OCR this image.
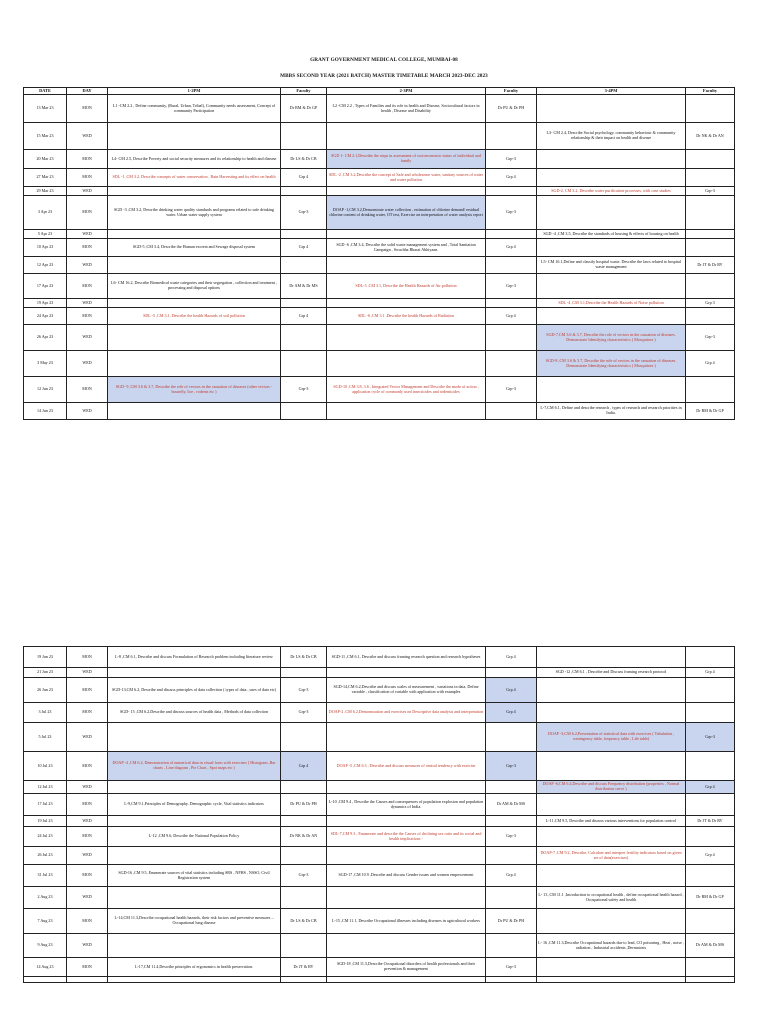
GRANT GOVERNMENT MEDICAL COLLEGE, MUMBAI-08
MBBS SECOND YEAR (2021 BATCH) MASTER TIMETABLE MARCH 2023-DEC 2023
DATE	DAY	1-2PM	Faculty	2-3PM	Faculty	3-4PM	Faculty
13 Mar 23	MON	L1 -CM 2.2 , Define community, (Rural, Urban, Tribal), Community needs assessment, Concept of community Participation	Dr RM & Dr GP	L2 -CM 2.2 , Types of Families and its role in health and Disease, Sociocultural factors in health , Disease and Disability	Dr PU & Dr PH		
15 Mar 23	WED					L3- CM 2.4, Describe Social psychology, community behaviour & community relationship & their impact on health and disease	Dr NK & Dr AN
20 Mar 23	MON	L4- CM 2.5, Describe Poverty and social security measures and its relationship to health and disease	Dr LS & Dr CB	SGD 1- CM 2.1,Describe the steps in assessment of socioeconomic status of individual and family	Grp-3		
27 Mar 23	MON	SDL -1 ,CM 3.2, Describe concepts of water conservation , Rain Harvesting and its effect on health	Grp 4	SDL -2 ,CM 3.2,Describe the concept of Safe and wholesome water, sanitary sources of water and water pollution	Grp 4		
29 Mar 23	WED					SGD-2, CM 3.2, Describe water purification processes, with case studies	Grp-3
3 Apr 23	MON	SGD -3 ,CM 3.2, Describe drinking water quality standards and programs related to safe drinking water. Urban water supply system	Grp-3	DOAP -1,CM 3.2,Demonstrate water collection , estimation of chlorine demand/ residual chlorine content of drinking water, OT test, Exercise on interpretation of water analysis report	Grp-3		
5 Apr 23	WED					SGD -4 ,CM 3.5, Describe the standards of housing & effects of housing on health	
10 Apr 23	MON	SGD-5 ,CM 3.4, Describe the Human excreta and Sewage disposal system	Grp 4	SGD -6 ,CM 3.4, Describe the solid waste management system and , Total Sanitation Campaign , Swachha Bharat Abhiyaan.	Grp 4		
12 Apr 23	WED					L5- CM 16.1,Define and classify hospital waste. Describe the laws related to hospital waste management	Dr JT & Dr RV
17 Apr 23	MON	L6- CM 16.2, Describe Biomedical waste categories and their segregation , collection and treatment , processing and disposal options	Dr AM & Dr MS	SDL-3 ,CM 3.1, Describe the Health Hazards of Air pollution	Grp-3		
19 Apr 23	WED					SDL -4 ,CM 3.1,Describe the Health Hazards of Noise pollution	Grp 3
24 Apr 23	MON	SDL -5 ,CM 3.1, Describe the health Hazards of soil pollution	Grp 4	SDL -6 ,CM 3.1 ,Describe the health Hazards of Radiation	Grp 4		
26 Apr 23	WED					SGD-7,CM 3.6 & 3.7, Describe the role of vectors in the causation of diseases. Demonstrate Identifying characteristics ( Mosquitoes )	Grp-3
3 May 23	WED					SGD-8 ,CM 3.6 & 3.7, Describe the role of vectors in the causation of diseases. Demonstrate Identifying characteristics ( Mosquitoes )	Grp 4
12 Jun 23	MON	SGD- 9 ,CM 3.6 & 3.7, Describe the role of vectors in the causation of diseases (other vectors - housefly, lice , rodents etc )	Grp-3	SGD-10 ,CM 3.8, 3.6 , Integrated Vector Management and Describe the mode of action , application cycle of commonly used insecticides and rodenticides	Grp-3		
14 Jun 23	WED					L-7,CM 6.1, Define and describe research , types of research and research priorities in India.	Dr RM & Dr GP
19 Jun 23	MON	L-8 ,CM 6.1, Describe and discuss Formulation of Research problem including literature review	Dr LS & Dr CB	SGD-11 ,CM 6.1, Describe and discuss framing research question and research hypotheses	Grp 4		
21 Jun 23	WED					SGD -12 ,CM 6.1 , Describe and Discuss framing research protocol	Grp 4
26 Jun 23	MON	SGD-13,CM 6.2, Describe and discuss principles of data collection ( types of data , uses of data etc)	Grp-3	SGD-14,CM 6.2,Describe and discuss scales of measurement , variations in data, Define variable , classification of variable with application with examples	Grp 4		
3 Jul 23	MON	SGD- 15 ,CM 6.2,Describe and discuss sources of health data , Methods of data collection	Grp-3	DOAP-2 ,CM 6.2,Demonstration and exercises on Descriptive data analysis and interpretation	Grp 4		
5 Jul 23	WED					DOAP -3,CM 6.2,Presentation of statistical data with exercises ( Tabulation , contingency table, frequency table , Life table)	Grp-3
10 Jul 23	MON	DOAP -4 ,CM 6.2, Demonstration of numerical data in visual form with exercises ( Histogram ,Bar charts , Line diagram , Pie Chart , Spot maps etc )	Grp 4	DOAP -5 ,CM 6.3 , Describe and discuss measures of central tendency with exercise	Grp-3		
12 Jul 23	WED					DOAP -6,CM 6.4,Describe and discuss Frequency distribution (properties , Normal distribution curve )	Grp 4
17 Jul 23	MON	L-9,CM 9.1,Principles of Demography, Demographic cycle, Vital statistics indicators	Dr PU & Dr PH	L-10 ,CM 9.4 , Describe the Causes and consequences of population explosion and population dynamics of India.	Dr AM & Dr MS		
19 Jul 23	WED					L-11,CM 9.5, Describe and discuss various interventions for population control	Dr JT & Dr RV
24 Jul 23	MON	L-12 ,CM 9.6, Describe the National Population Policy	Dr NK & Dr AN	SDL-7,CM 9.3 , Enumerate and describe the Causes of declining sex ratio and its social and health implications -	Grp-3		
26 Jul 23	WED					DOAP-7 ,CM 9.2, Describe, Calculate and interpret fertility indicators based on given set of data(exercises)	Grp 4
31 Jul 23	MON	SGD-16 ,CM 9.5, Enumerate sources of vital statistics including SRS , NFHS , NSSO, Civil Registration system	Grp-3	SGD-17 ,CM 10.9 ,Describe and discuss Gender issues and women empowerment	Grp 4		
2 Aug 23	WED					L- 13 ,CM 11.1 ,Introduction to occupational health , define occupational health hazard , Occupational safety and health	Dr RM & Dr GP
7 Aug 23	MON	L-14,CM 11.3,Describe occupational health hazards, their risk factors and preventive measures – Occupational lung disease	Dr LS & Dr CB	L-15 ,CM 11.1, Describe Occupational illnesses including diseases in agricultural workers	Dr PU & Dr PH		
9 Aug 23	WED					L- 16 ,CM 11.3,Describe Occupational hazards due to lead, CO poisoning , Heat , noise , radiation , Industrial accidents ,Dermatosis	Dr AM & Dr MS
14 Aug 23	MON	L-17,CM 11.4,Describe principles of ergonomics in health preservation.	Dr JT & RV	SGD-18 ,CM 11.5,Describe Occupational disorders of health professionals and their prevention & management	Grp-3		
